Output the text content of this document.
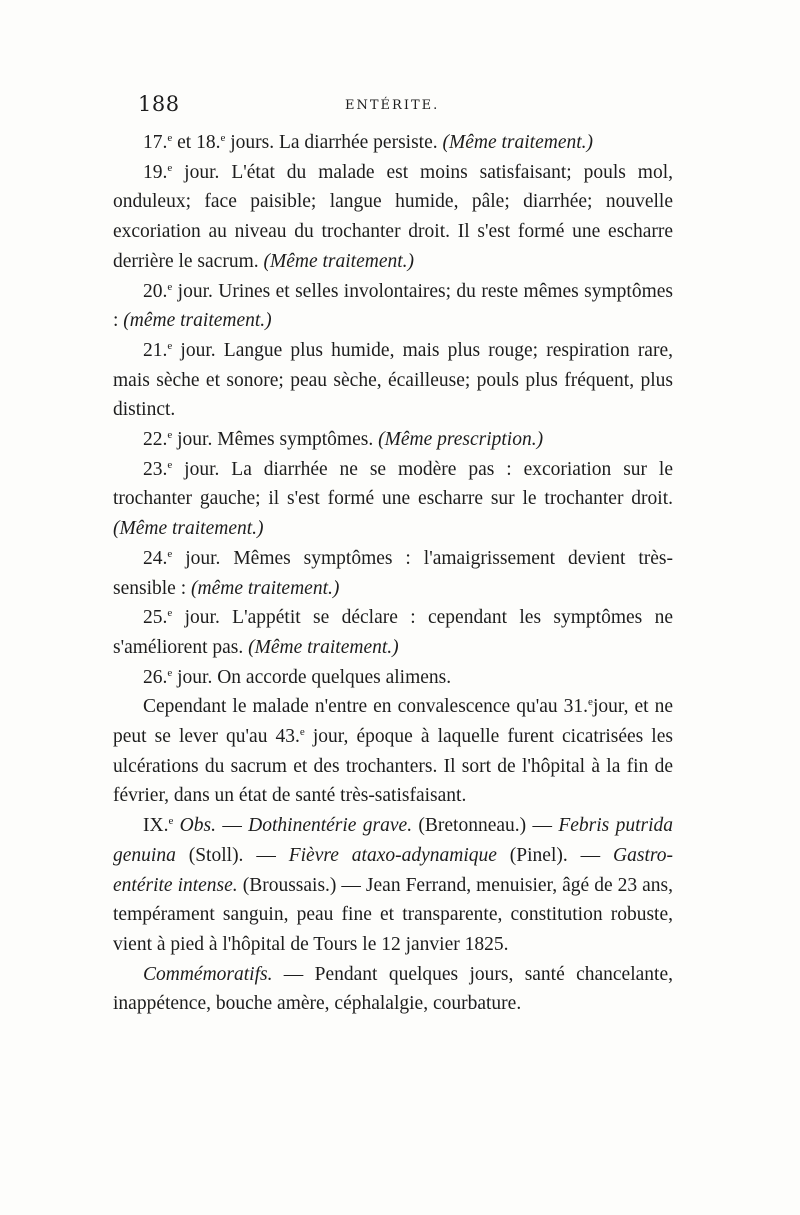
188	ENTÉRITE.

17.$^e$ et 18.$^e$ jours. La diarrhée persiste. (Même traitement.)

19.$^e$ jour. L'état du malade est moins satisfaisant; pouls mol, onduleux; face paisible; langue humide, pâle; diarrhée; nouvelle excoriation au niveau du trochanter droit. Il s'est formé une escharre derrière le sacrum. (Même traitement.)

20.$^e$ jour. Urines et selles involontaires; du reste mêmes symptômes : (même traitement.)

21.$^e$ jour. Langue plus humide, mais plus rouge; respiration rare, mais sèche et sonore; peau sèche, écailleuse; pouls plus fréquent, plus distinct.

22.$^e$ jour. Mêmes symptômes. (Même prescription.)

23.$^e$ jour. La diarrhée ne se modère pas : excoriation sur le trochanter gauche; il s'est formé une escharre sur le trochanter droit. (Même traitement.)

24.$^e$ jour. Mêmes symptômes : l'amaigrissement devient très-sensible : (même traitement.)

25.$^e$ jour. L'appétit se déclare : cependant les symptômes ne s'améliorent pas. (Même traitement.)

26.$^e$ jour. On accorde quelques alimens.

Cependant le malade n'entre en convalescence qu'au 31.$^e$jour, et ne peut se lever qu'au 43.$^e$ jour, époque à laquelle furent cicatrisées les ulcérations du sacrum et des trochanters. Il sort de l'hôpital à la fin de février, dans un état de santé très-satisfaisant.

IX.$^e$ Obs. — Dothinentérie grave. (Bretonneau.) — Febris putrida genuina (Stoll). — Fièvre ataxo-adynamique (Pinel). — Gastro-entérite intense. (Broussais.) — Jean Ferrand, menuisier, âgé de 23 ans, tempérament sanguin, peau fine et transparente, constitution robuste, vient à pied à l'hôpital de Tours le 12 janvier 1825.

Commémoratifs. — Pendant quelques jours, santé chancelante, inappétence, bouche amère, céphalalgie, courbature.
